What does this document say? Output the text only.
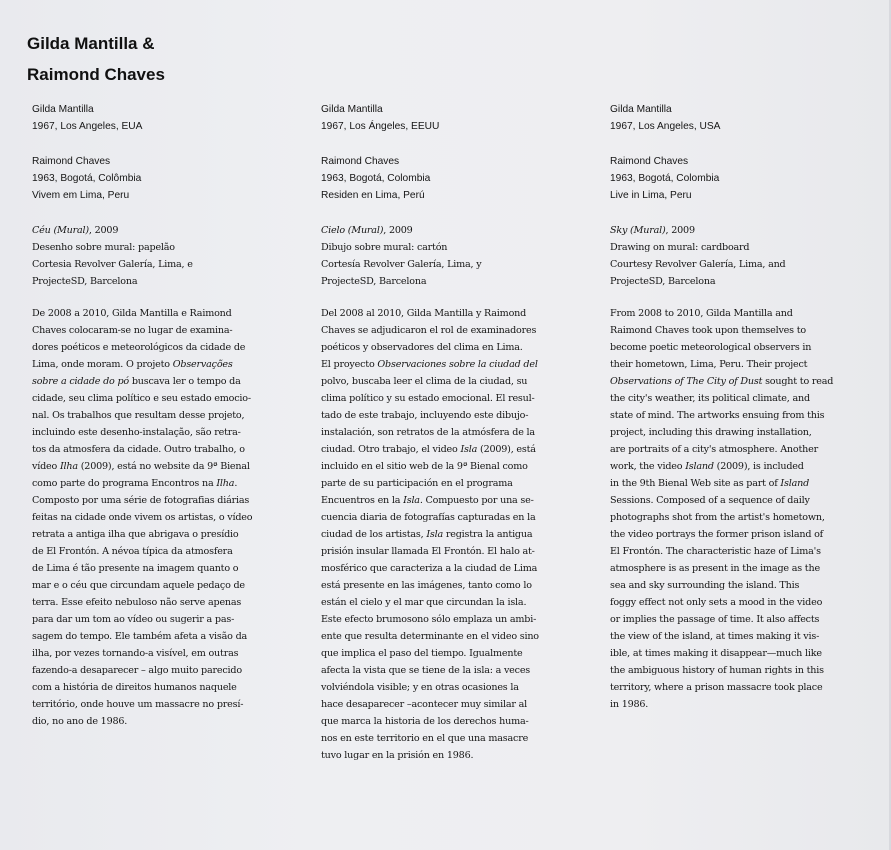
Gilda Mantilla &
Raimond Chaves
Gilda Mantilla
1967, Los Angeles, EUA
Raimond Chaves
1963, Bogotá, Colômbia
Vivem em Lima, Peru
Céu (Mural), 2009
Desenho sobre mural: papelão
Cortesia Revolver Galería, Lima, e
ProjecteSD, Barcelona
De 2008 a 2010, Gilda Mantilla e Raimond
Chaves colocaram-se no lugar de examina-
dores poéticos e meteorológicos da cidade de
Lima, onde moram. O projeto Observações
sobre a cidade do pó buscava ler o tempo da
cidade, seu clima político e seu estado emocio-
nal. Os trabalhos que resultam desse projeto,
incluindo este desenho-instalação, são retra-
tos da atmosfera da cidade. Outro trabalho, o
vídeo Ilha (2009), está no website da 9ª Bienal
como parte do programa Encontros na Ilha.
Composto por uma série de fotografias diárias
feitas na cidade onde vivem os artistas, o vídeo
retrata a antiga ilha que abrigava o presídio
de El Frontón. A névoa típica da atmosfera
de Lima é tão presente na imagem quanto o
mar e o céu que circundam aquele pedaço de
terra. Esse efeito nebuloso não serve apenas
para dar um tom ao vídeo ou sugerir a pas-
sagem do tempo. Ele também afeta a visão da
ilha, por vezes tornando-a visível, em outras
fazendo-a desaparecer – algo muito parecido
com a história de direitos humanos naquele
território, onde houve um massacre no presí-
dio, no ano de 1986.
Gilda Mantilla
1967, Los Ángeles, EEUU
Raimond Chaves
1963, Bogotá, Colombia
Residen en Lima, Perú
Cielo (Mural), 2009
Dibujo sobre mural: cartón
Cortesía Revolver Galería, Lima, y
ProjecteSD, Barcelona
Del 2008 al 2010, Gilda Mantilla y Raimond
Chaves se adjudicaron el rol de examinadores
poéticos y observadores del clima en Lima.
El proyecto Observaciones sobre la ciudad del
polvo, buscaba leer el clima de la ciudad, su
clima político y su estado emocional. El resul-
tado de este trabajo, incluyendo este dibujo-
instalación, son retratos de la atmósfera de la
ciudad. Otro trabajo, el video Isla (2009), está
incluido en el sitio web de la 9ª Bienal como
parte de su participación en el programa
Encuentros en la Isla. Compuesto por una se-
cuencia diaria de fotografías capturadas en la
ciudad de los artistas, Isla registra la antigua
prisión insular llamada El Frontón. El halo at-
mosférico que caracteriza a la ciudad de Lima
está presente en las imágenes, tanto como lo
están el cielo y el mar que circundan la isla.
Este efecto brumosono sólo emplaza un ambi-
ente que resulta determinante en el video sino
que implica el paso del tiempo. Igualmente
afecta la vista que se tiene de la isla: a veces
volviéndola visible; y en otras ocasiones la
hace desaparecer –acontecer muy similar al
que marca la historia de los derechos huma-
nos en este territorio en el que una masacre
tuvo lugar en la prisión en 1986.
Gilda Mantilla
1967, Los Angeles, USA
Raimond Chaves
1963, Bogotá, Colombia
Live in Lima, Peru
Sky (Mural), 2009
Drawing on mural: cardboard
Courtesy Revolver Galería, Lima, and
ProjecteSD, Barcelona
From 2008 to 2010, Gilda Mantilla and
Raimond Chaves took upon themselves to
become poetic meteorological observers in
their hometown, Lima, Peru. Their project
Observations of The City of Dust sought to read
the city's weather, its political climate, and
state of mind. The artworks ensuing from this
project, including this drawing installation,
are portraits of a city's atmosphere. Another
work, the video Island (2009), is included
in the 9th Bienal Web site as part of Island
Sessions. Composed of a sequence of daily
photographs shot from the artist's hometown,
the video portrays the former prison island of
El Frontón. The characteristic haze of Lima's
atmosphere is as present in the image as the
sea and sky surrounding the island. This
foggy effect not only sets a mood in the video
or implies the passage of time. It also affects
the view of the island, at times making it vis-
ible, at times making it disappear—much like
the ambiguous history of human rights in this
territory, where a prison massacre took place
in 1986.
